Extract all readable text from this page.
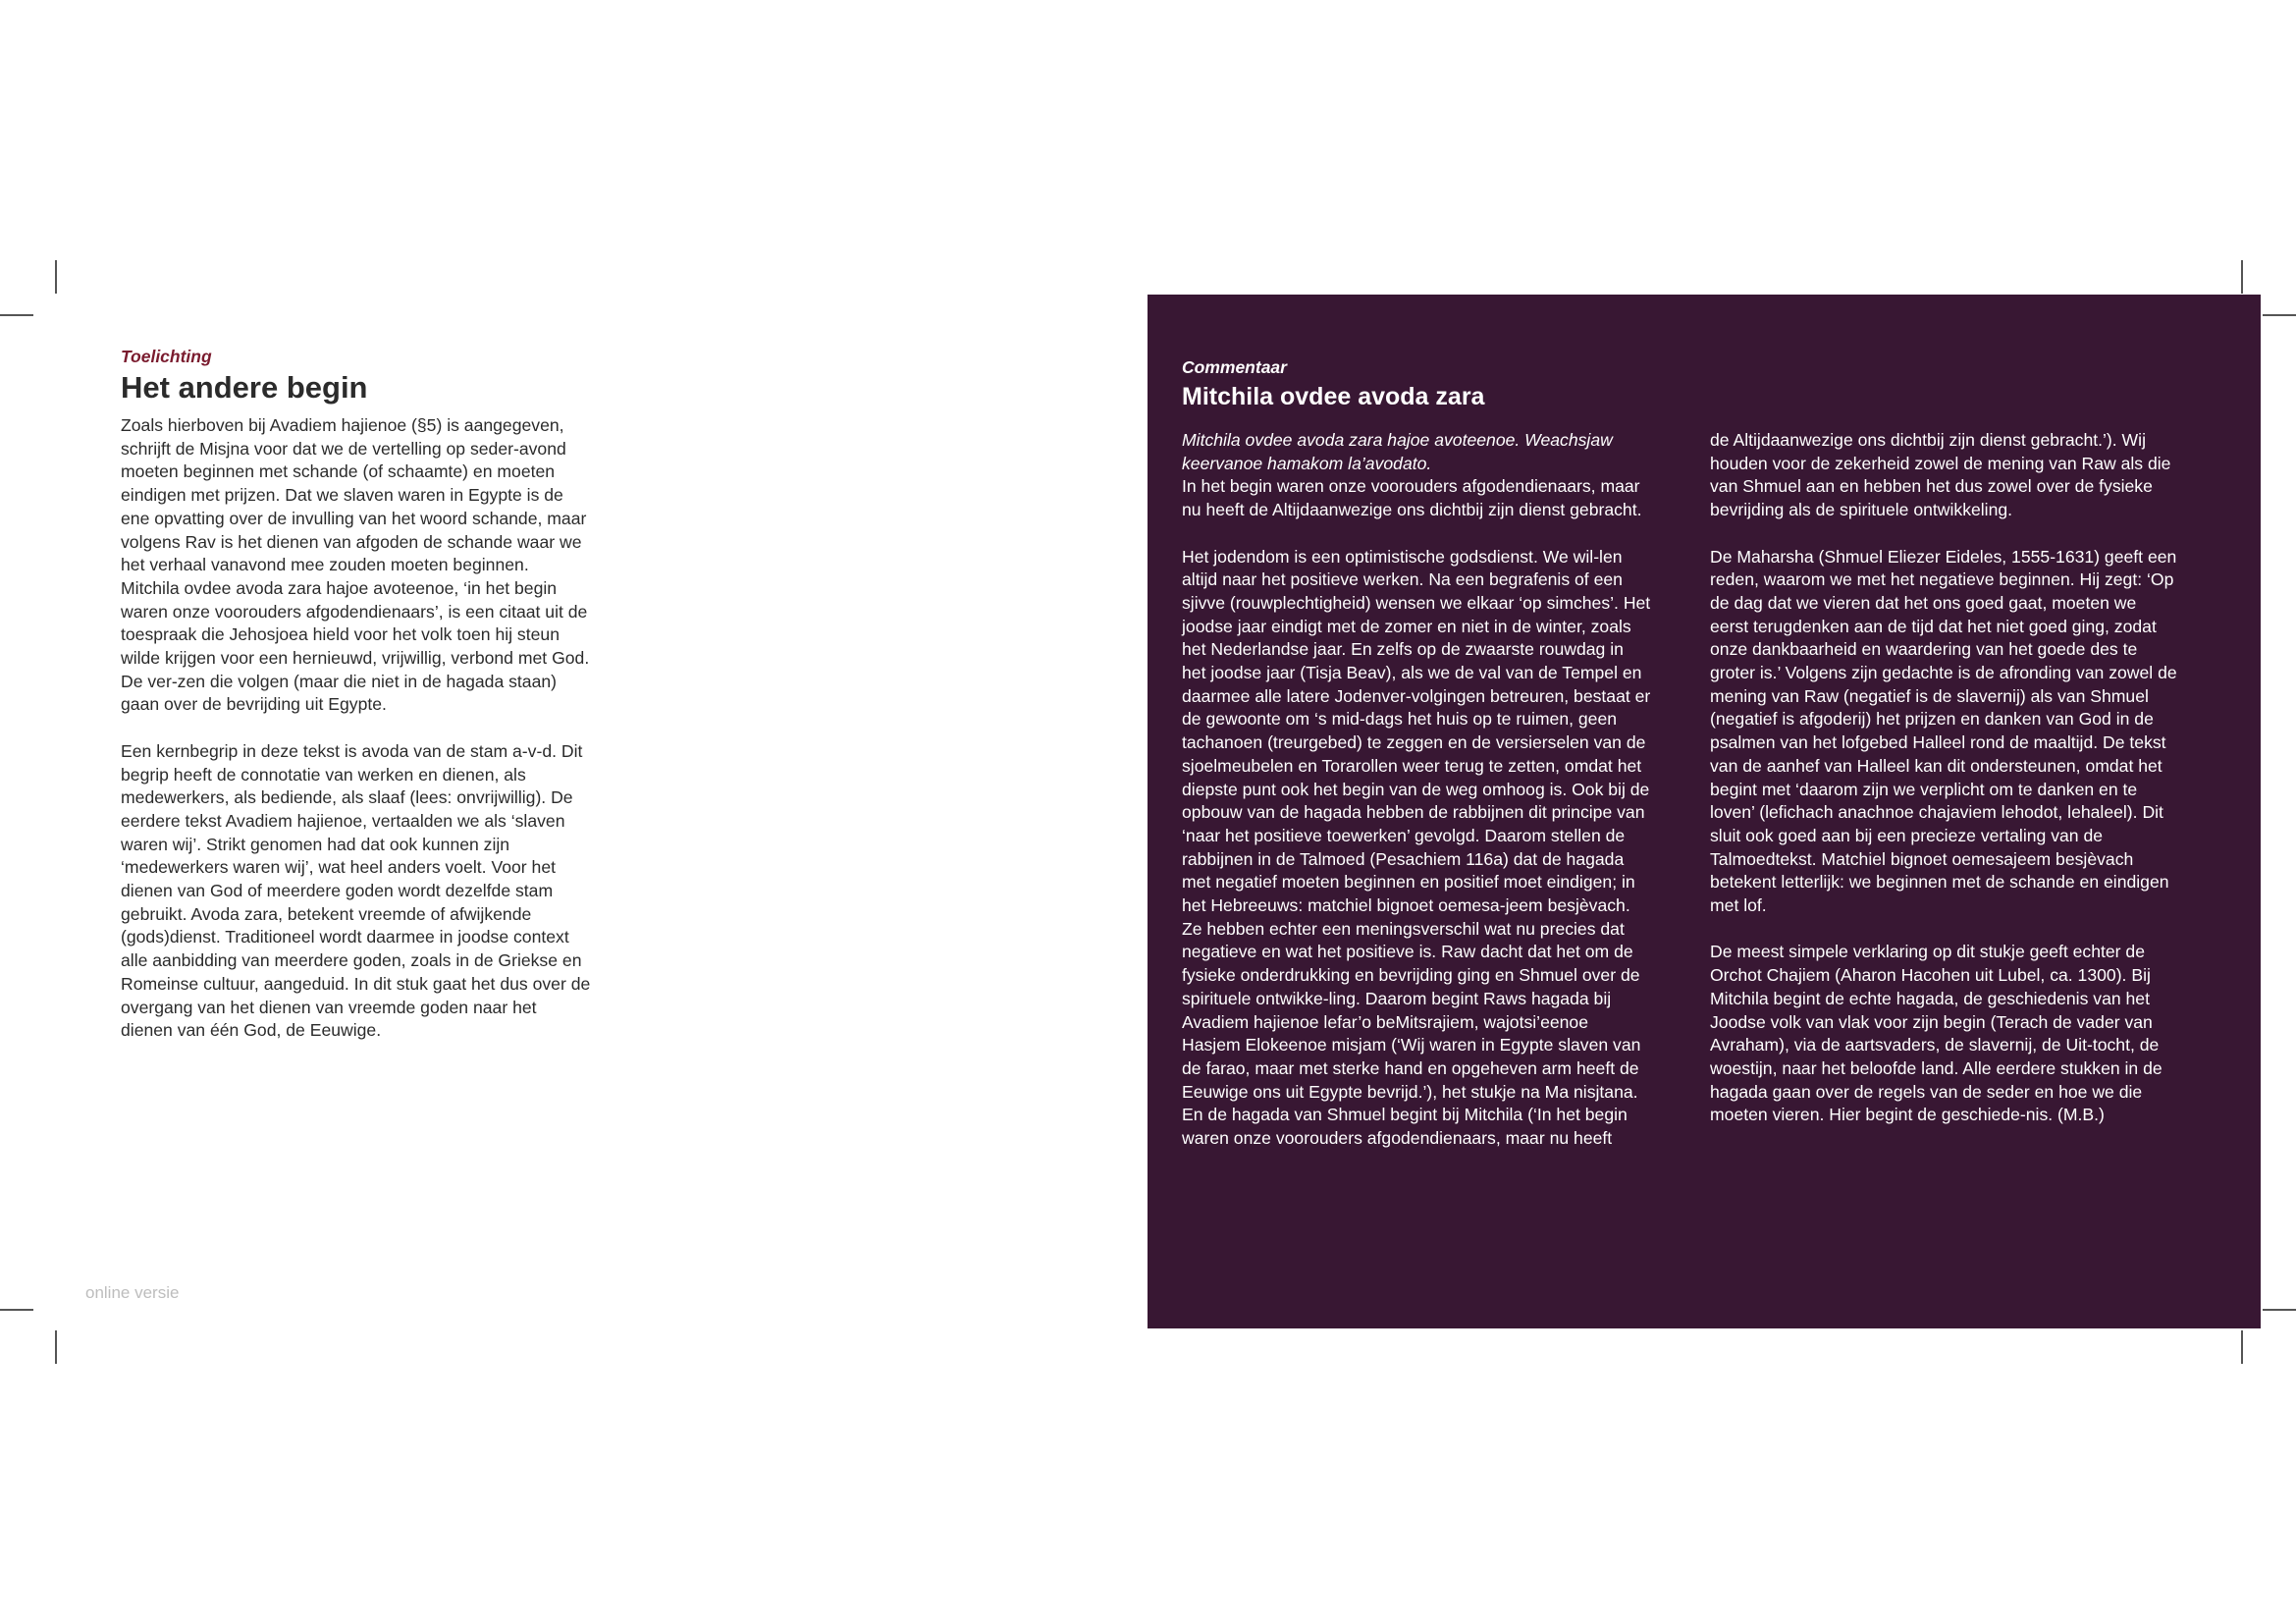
Toelichting
Het andere begin

Zoals hierboven bij Avadiem hajienoe (§5) is aangegeven, schrijft de Misjna voor dat we de vertelling op seder-avond moeten beginnen met schande (of schaamte) en moeten eindigen met prijzen. Dat we slaven waren in Egypte is de ene opvatting over de invulling van het woord schande, maar volgens Rav is het dienen van afgoden de schande waar we het verhaal vanavond mee zouden moeten beginnen. Mitchila ovdee avoda zara hajoe avoteenoe, ‘in het begin waren onze voorouders afgodendienaars’, is een citaat uit de toespraak die Jehosjoea hield voor het volk toen hij steun wilde krijgen voor een hernieuwd, vrijwillig, verbond met God. De ver-zen die volgen (maar die niet in de hagada staan) gaan over de bevrijding uit Egypte.

Een kernbegrip in deze tekst is avoda van de stam a-v-d. Dit begrip heeft de connotatie van werken en dienen, als medewerkers, als bediende, als slaaf (lees: onvrijwillig). De eerdere tekst Avadiem hajienoe, vertaalden we als ‘slaven waren wij’. Strikt genomen had dat ook kunnen zijn ‘medewerkers waren wij’, wat heel anders voelt. Voor het dienen van God of meerdere goden wordt dezelfde stam gebruikt. Avoda zara, betekent vreemde of afwijkende (gods)dienst. Traditioneel wordt daarmee in joodse context alle aanbidding van meerdere goden, zoals in de Griekse en Romeinse cultuur, aangeduid. In dit stuk gaat het dus over de overgang van het dienen van vreemde goden naar het dienen van één God, de Eeuwige.

Commentaar
Mitchila ovdee avoda zara

Mitchila ovdee avoda zara hajoe avoteenoe. Weachsjaw keervanoe hamakom la’avodato.
In het begin waren onze voorouders afgodendienaars, maar nu heeft de Altijdaanwezige ons dichtbij zijn dienst gebracht.

Het jodendom is een optimistische godsdienst. We wil-len altijd naar het positieve werken. Na een begrafenis of een sjivve (rouwplechtigheid) wensen we elkaar ‘op simches’. Het joodse jaar eindigt met de zomer en niet in de winter, zoals het Nederlandse jaar. En zelfs op de zwaarste rouwdag in het joodse jaar (Tisja Beav), als we de val van de Tempel en daarmee alle latere Jodenver-volgingen betreuren, bestaat er de gewoonte om ‘s mid-dags het huis op te ruimen, geen tachanoen (treurgebed) te zeggen en de versierselen van de sjoelmeubelen en Torarollen weer terug te zetten, omdat het diepste punt ook het begin van de weg omhoog is. Ook bij de opbouw van de hagada hebben de rabbijnen dit principe van ‘naar het positieve toewerken’ gevolgd. Daarom stellen de rabbijnen in de Talmoed (Pesachiem 116a) dat de hagada met negatief moeten beginnen en positief moet eindigen; in het Hebreeuws: matchiel bignoet oemesa-jeem besjèvach. Ze hebben echter een meningsverschil wat nu precies dat negatieve en wat het positieve is. Raw dacht dat het om de fysieke onderdrukking en bevrijding ging en Shmuel over de spirituele ontwikke-ling. Daarom begint Raws hagada bij Avadiem hajienoe lefar’o beMitsrajiem, wajotsi’eenoe Hasjem Elokeenoe misjam (‘Wij waren in Egypte slaven van de farao, maar met sterke hand en opgeheven arm heeft de Eeuwige ons uit Egypte bevrijd.’), het stukje na Ma nisjtana. En de hagada van Shmuel begint bij Mitchila (‘In het begin waren onze voorouders afgodendienaars, maar nu heeft

de Altijdaanwezige ons dichtbij zijn dienst gebracht.’). Wij houden voor de zekerheid zowel de mening van Raw als die van Shmuel aan en hebben het dus zowel over de fysieke bevrijding als de spirituele ontwikkeling.

De Maharsha (Shmuel Eliezer Eideles, 1555-1631) geeft een reden, waarom we met het negatieve beginnen. Hij zegt: ‘Op de dag dat we vieren dat het ons goed gaat, moeten we eerst terugdenken aan de tijd dat het niet goed ging, zodat onze dankbaarheid en waardering van het goede des te groter is.’ Volgens zijn gedachte is de afronding van zowel de mening van Raw (negatief is de slavernij) als van Shmuel (negatief is afgoderij) het prijzen en danken van God in de psalmen van het lofgebed Halleel rond de maaltijd. De tekst van de aanhef van Halleel kan dit ondersteunen, omdat het begint met ‘daarom zijn we verplicht om te danken en te loven’ (lefichach anachnoe chajaviem lehodot, lehaleel). Dit sluit ook goed aan bij een precieze vertaling van de Talmoedtekst. Matchiel bignoet oemesajeem besjèvach betekent letterlijk: we beginnen met de schande en eindigen met lof.

De meest simpele verklaring op dit stukje geeft echter de Orchot Chajiem (Aharon Hacohen uit Lubel, ca. 1300). Bij Mitchila begint de echte hagada, de geschiedenis van het Joodse volk van vlak voor zijn begin (Terach de vader van Avraham), via de aartsvaders, de slavernij, de Uit-tocht, de woestijn, naar het beloofde land. Alle eerdere stukken in de hagada gaan over de regels van de seder en hoe we die moeten vieren. Hier begint de geschiede-nis. (M.B.)

online versie
